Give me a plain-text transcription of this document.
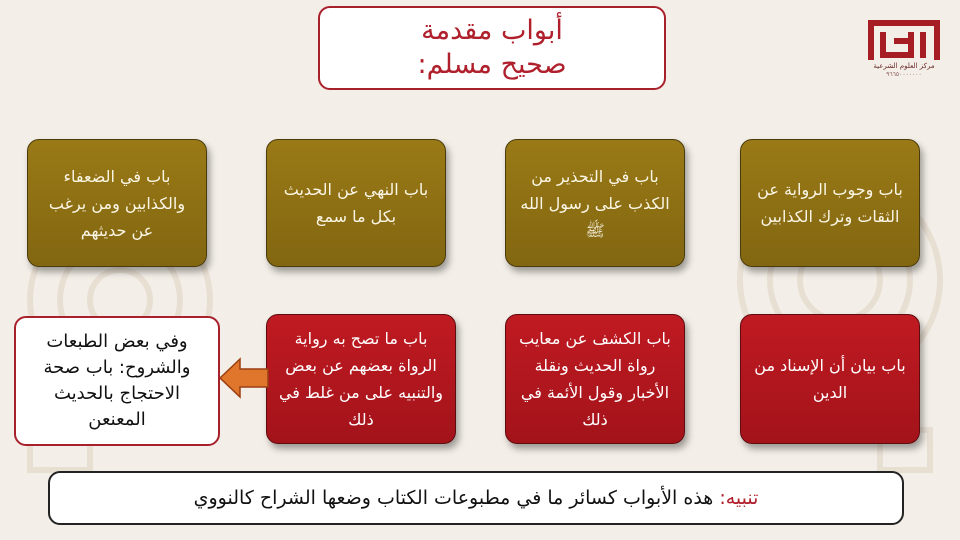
أبواب مقدمة
صحيح مسلم:	مركز العلوم الشرعية
٩٦٦٥٠٠٠٠٠٠٠
باب وجوب الرواية عن الثقات وترك الكذابين
باب في التحذير من الكذب على رسول الله ﷺ
باب النهي عن الحديث بكل ما سمع
باب في الضعفاء والكذابين ومن يرغب عن حديثهم
باب بيان أن الإسناد من الدين
باب الكشف عن معايب رواة الحديث ونقلة الأخبار وقول الأئمة في ذلك
باب ما تصح به رواية الرواة بعضهم عن بعض والتنبيه على من غلط في ذلك
وفي بعض الطبعات والشروح: باب صحة الاحتجاج بالحديث المعنعن
تنبيه:
هذه الأبواب كسائر ما في مطبوعات الكتاب وضعها الشراح كالنووي
